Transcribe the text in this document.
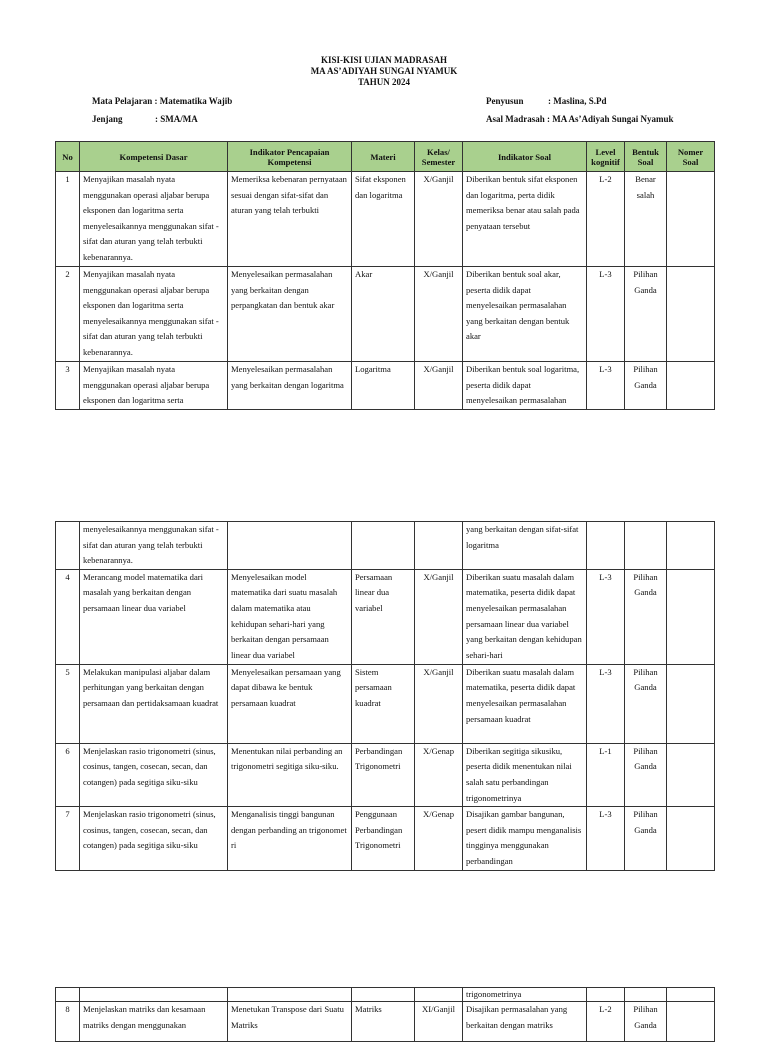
KISI-KISI UJIAN MADRASAH
MA AS’ADIYAH SUNGAI NYAMUK
TAHUN 2024
Mata Pelajaran : Matematika Wajib
Jenjang	: SMA/MA
Penyusun	: Maslina, S.Pd
Asal Madrasah : MA As’Adiyah Sungai Nyamuk
No	Kompetensi Dasar	Indikator Pencapaian Kompetensi	Materi	Kelas/ Semester	Indikator Soal	Level kognitif	Bentuk Soal	Nomer Soal
1	Menyajikan masalah nyata menggunakan operasi aljabar berupa eksponen dan logaritma serta menyelesaikannya menggunakan sifat - sifat dan aturan yang telah terbukti kebenarannya.	Memeriksa kebenaran pernyataan sesuai dengan sifat-sifat dan aturan yang telah terbukti	Sifat eksponen dan logaritma	X/Ganjil	Diberikan bentuk sifat eksponen dan logaritma, perta didik memeriksa benar atau salah pada penyataan tersebut	L-2	Benar salah	
2	Menyajikan masalah nyata menggunakan operasi aljabar berupa eksponen dan logaritma serta menyelesaikannya menggunakan sifat - sifat dan aturan yang telah terbukti kebenarannya.	Menyelesaikan permasalahan yang berkaitan dengan perpangkatan dan bentuk akar	Akar	X/Ganjil	Diberikan bentuk soal akar, peserta didik dapat menyelesaikan permasalahan yang berkaitan dengan bentuk akar	L-3	Pilihan Ganda	
3	Menyajikan masalah nyata menggunakan operasi aljabar berupa eksponen dan logaritma serta	Menyelesaikan permasalahan yang berkaitan dengan logaritma	Logaritma	X/Ganjil	Diberikan bentuk soal logaritma, peserta didik dapat menyelesaikan permasalahan	L-3	Pilihan Ganda	
	menyelesaikannya menggunakan sifat - sifat dan aturan yang telah terbukti kebenarannya.				yang berkaitan dengan sifat-sifat logaritma			
4	Merancang model matematika dari masalah yang berkaitan dengan persamaan linear dua variabel	Menyelesaikan model matematika dari suatu masalah dalam matematika atau kehidupan sehari-hari yang berkaitan dengan persamaan linear dua variabel	Persamaan linear dua variabel	X/Ganjil	Diberikan suatu masalah dalam matematika, peserta didik dapat menyelesaikan permasalahan persamaan linear dua variabel yang berkaitan dengan kehidupan sehari-hari	L-3	Pilihan Ganda	
5	Melakukan manipulasi aljabar dalam perhitungan yang berkaitan dengan persamaan dan pertidaksamaan kuadrat	Menyelesaikan persamaan yang dapat dibawa ke bentuk persamaan kuadrat	Sistem persamaan kuadrat	X/Ganjil	Diberikan suatu masalah dalam matematika, peserta didik dapat menyelesaikan permasalahan persamaan kuadrat	L-3	Pilihan Ganda	
6	Menjelaskan rasio trigonometri (sinus, cosinus, tangen, cosecan, secan, dan cotangen) pada segitiga siku-siku	Menentukan nilai perbanding an trigonometri segitiga siku-siku.	Perbandingan Trigonometri	X/Genap	Diberikan segitiga sikusiku, peserta didik menentukan nilai salah satu perbandingan trigonometrinya	L-1	Pilihan Ganda	
7	Menjelaskan rasio trigonometri (sinus, cosinus, tangen, cosecan, secan, dan cotangen) pada segitiga siku-siku	Menganalisis tinggi bangunan dengan perbanding an trigonomet ri	Penggunaan Perbandingan Trigonometri	X/Genap	Disajikan gambar bangunan, pesert didik mampu menganalisis tingginya menggunakan perbandingan	L-3	Pilihan Ganda	
					trigonometrinya			
8	Menjelaskan matriks dan kesamaan matriks dengan menggunakan	Menetukan Transpose dari Suatu Matriks	Matriks	XI/Ganjil	Disajikan permasalahan yang berkaitan dengan matriks	L-2	Pilihan Ganda	
